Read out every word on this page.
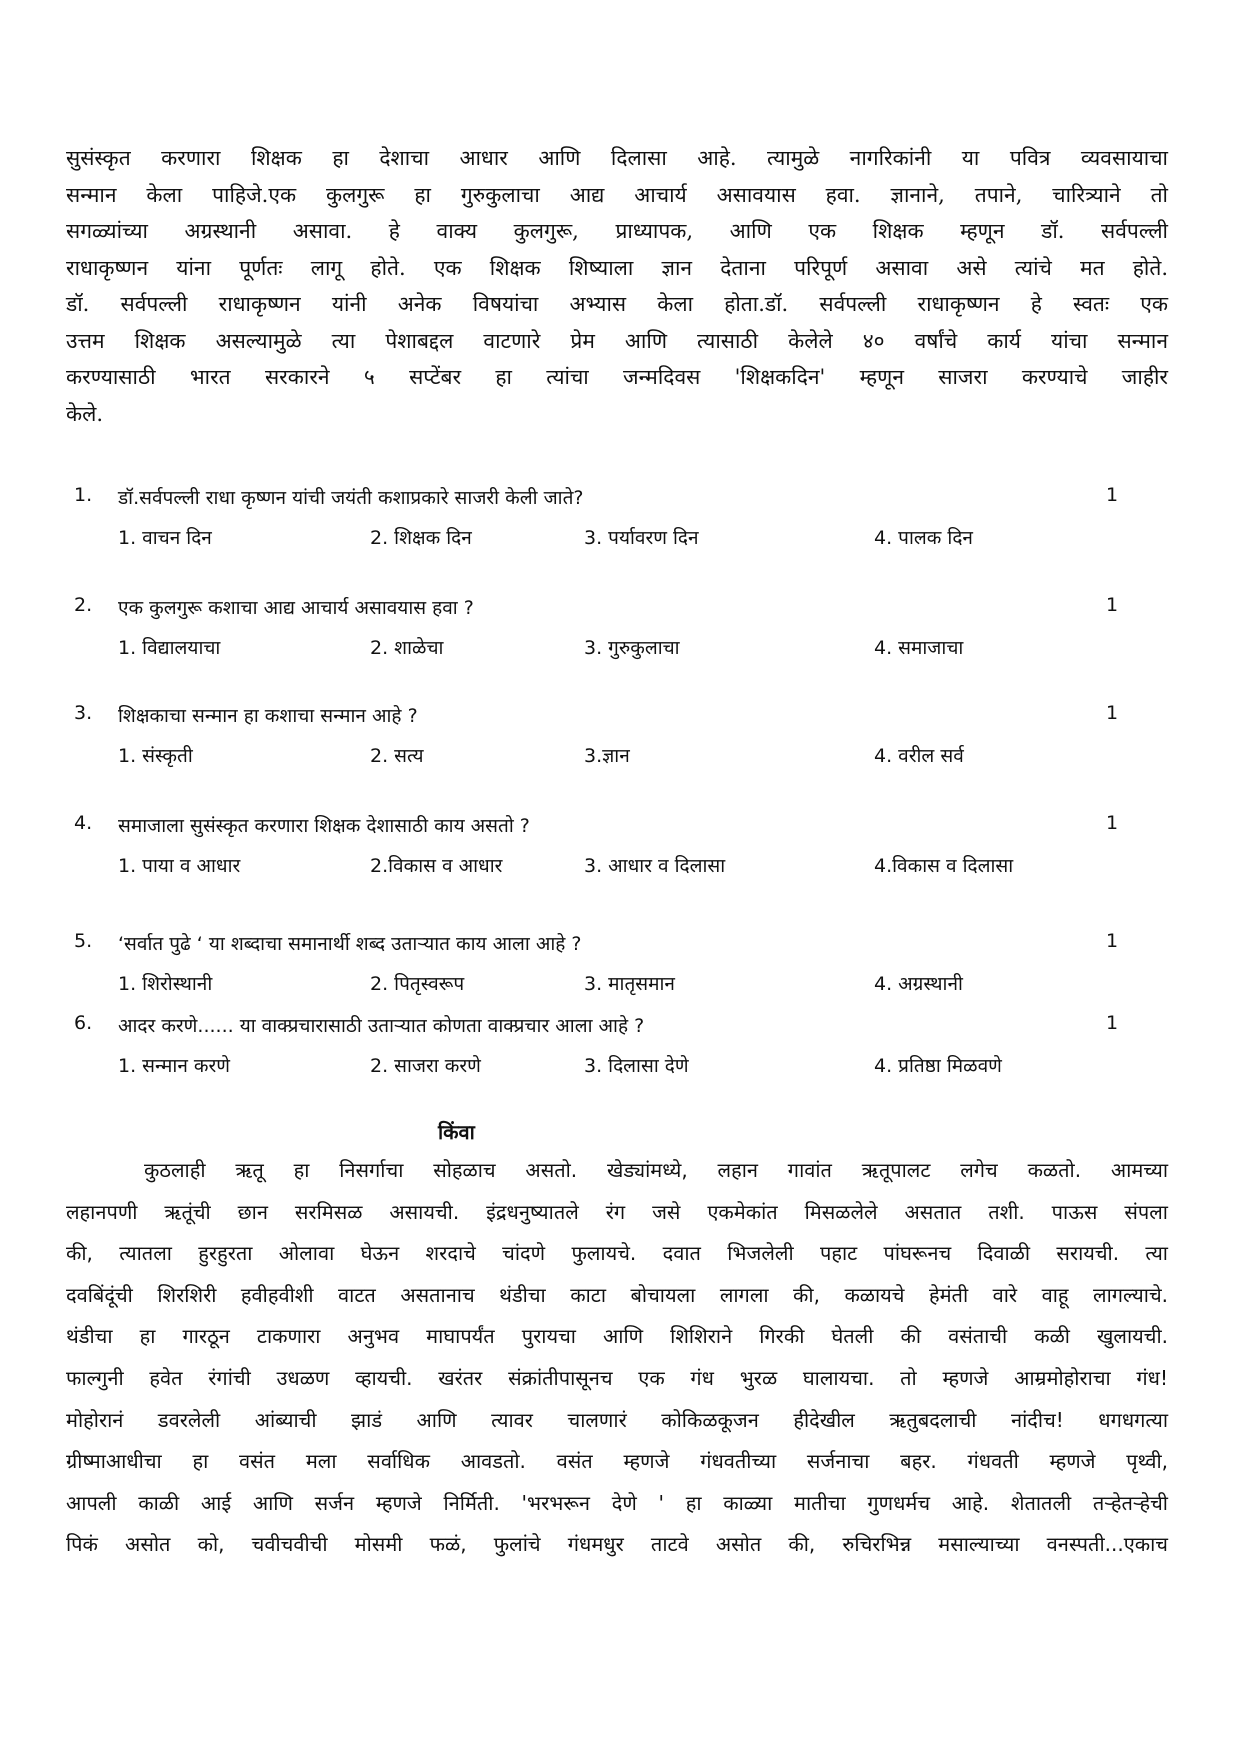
सुसंस्कृत करणारा शिक्षक हा देशाचा आधार आणि दिलासा आहे. त्यामुळे नागरिकांनी या पवित्र व्यवसायाचा
सन्मान केला पाहिजे.एक कुलगुरू हा गुरुकुलाचा आद्य आचार्य असावयास हवा. ज्ञानाने, तपाने, चारित्र्याने तो
सगळ्यांच्या अग्रस्थानी असावा. हे वाक्य कुलगुरू, प्राध्यापक, आणि एक शिक्षक म्हणून डॉ. सर्वपल्ली
राधाकृष्णन यांना पूर्णतः लागू होते. एक शिक्षक शिष्याला ज्ञान देताना परिपूर्ण असावा असे त्यांचे मत होते.
डॉ. सर्वपल्ली राधाकृष्णन यांनी अनेक विषयांचा अभ्यास केला होता.डॉ. सर्वपल्ली राधाकृष्णन हे स्वतः एक
उत्तम शिक्षक असल्यामुळे त्या पेशाबद्दल वाटणारे प्रेम आणि त्यासाठी केलेले ४० वर्षांचे कार्य यांचा सन्मान
करण्यासाठी भारत सरकारने ५ सप्टेंबर हा त्यांचा जन्मदिवस 'शिक्षकदिन' म्हणून साजरा करण्याचे जाहीर
केले.
1. डॉ.सर्वपल्ली राधा कृष्णन यांची जयंती कशाप्रकारे साजरी केली जाते?	1
1. वाचन दिन	2. शिक्षक दिन	3. पर्यावरण दिन	4. पालक दिन
2. एक कुलगुरू कशाचा आद्य आचार्य असावयास हवा ?	1
1. विद्यालयाचा	2. शाळेचा	3. गुरुकुलाचा	4. समाजाचा
3. शिक्षकाचा सन्मान हा कशाचा सन्मान आहे ?	1
1. संस्कृती	2. सत्य	3.ज्ञान	4. वरील सर्व
4. समाजाला सुसंस्कृत करणारा शिक्षक देशासाठी काय असतो ?	1
1. पाया व आधार	2.विकास व आधार	3. आधार व दिलासा	4.विकास व दिलासा
5. ‘सर्वात पुढे ‘ या शब्दाचा समानार्थी शब्द उताऱ्यात काय आला आहे ?	1
1. शिरोस्थानी	2. पितृस्वरूप	3. मातृसमान	4. अग्रस्थानी
6. आदर करणे...... या वाक्प्रचारासाठी उताऱ्यात कोणता वाक्प्रचार आला आहे ?	1
1. सन्मान करणे	2. साजरा करणे	3. दिलासा देणे	4. प्रतिष्ठा मिळवणे
किंवा
कुठलाही ऋतू हा निसर्गाचा सोहळाच असतो. खेड्यांमध्ये, लहान गावांत ऋतूपालट लगेच कळतो. आमच्या
लहानपणी ऋतूंची छान सरमिसळ असायची. इंद्रधनुष्यातले रंग जसे एकमेकांत मिसळलेले असतात तशी. पाऊस संपला
की, त्यातला हुरहुरता ओलावा घेऊन शरदाचे चांदणे फुलायचे. दवात भिजलेली पहाट पांघरूनच दिवाळी सरायची. त्या
दवबिंदूंची शिरशिरी हवीहवीशी वाटत असतानाच थंडीचा काटा बोचायला लागला की, कळायचे हेमंती वारे वाहू लागल्याचे.
थंडीचा हा गारठून टाकणारा अनुभव माघापर्यंत पुरायचा आणि शिशिराने गिरकी घेतली की वसंताची कळी खुलायची.
फाल्गुनी हवेत रंगांची उधळण व्हायची. खरंतर संक्रांतीपासूनच एक गंध भुरळ घालायचा. तो म्हणजे आम्रमोहोराचा गंध!
मोहोरानं डवरलेली आंब्याची झाडं आणि त्यावर चालणारं कोकिळकूजन हीदेखील ऋतुबदलाची नांदीच! धगधगत्या
ग्रीष्माआधीचा हा वसंत मला सर्वाधिक आवडतो. वसंत म्हणजे गंधवतीच्या सर्जनाचा बहर. गंधवती म्हणजे पृथ्वी,
आपली काळी आई आणि सर्जन म्हणजे निर्मिती. 'भरभरून देणे ' हा काळ्या मातीचा गुणधर्मच आहे. शेतातली तऱ्हेतऱ्हेची
पिकं असोत को, चवीचवीची मोसमी फळं, फुलांचे गंधमधुर ताटवे असोत की, रुचिरभिन्न मसाल्याच्या वनस्पती...एकाच
